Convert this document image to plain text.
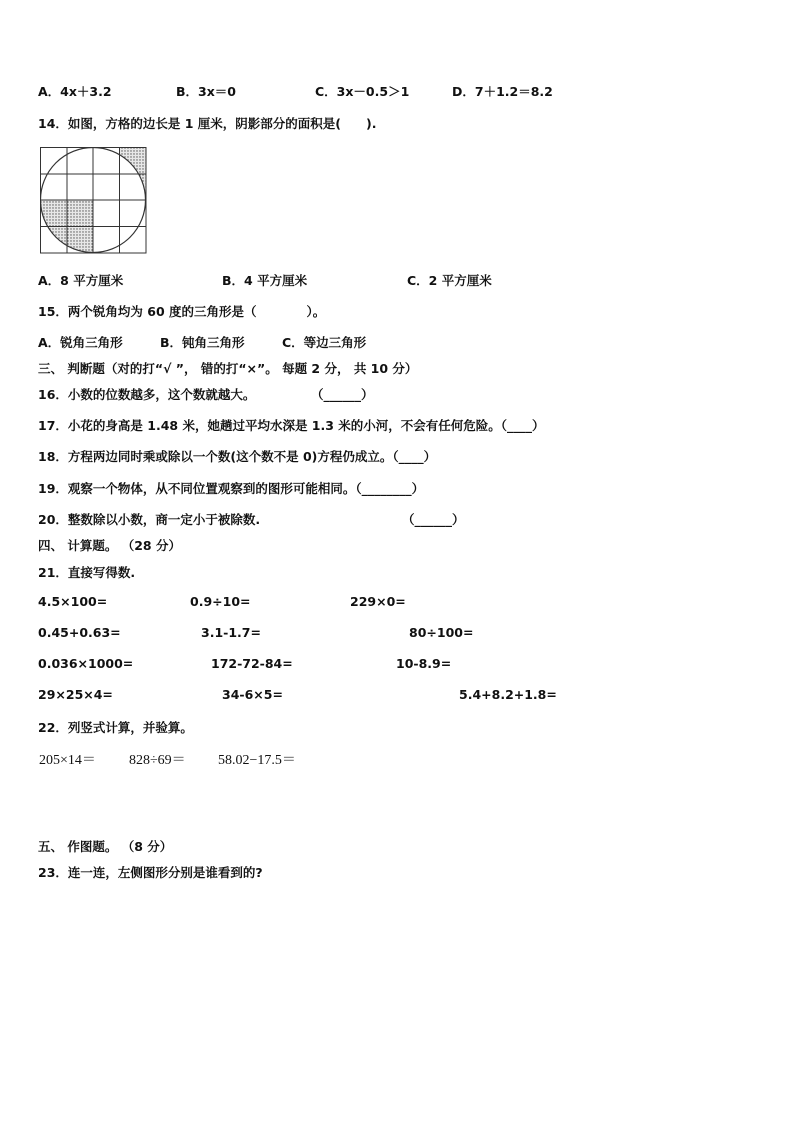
A．4x＋3.2	B．3x＝0	C．3x－0.5＞1	D．7＋1.2＝8.2
14．如图，方格的边长是 1 厘米，阴影部分的面积是(　　).
A．8 平方厘米	B．4 平方厘米	C．2 平方厘米
15．两个锐角均为 60 度的三角形是（　　　　）。
A．锐角三角形	B．钝角三角形	C．等边三角形
三、 判断题（对的打“√ ”， 错的打“×”。 每题 2 分， 共 10 分）
16．小数的位数越多，这个数就越大。	（______）
17．小花的身高是 1.48 米，她趟过平均水深是 1.3 米的小河，不会有任何危险。（____）
18．方程两边同时乘或除以一个数(这个数不是 0)方程仍成立。（____）
19．观察一个物体，从不同位置观察到的图形可能相同。（________）
20．整数除以小数，商一定小于被除数.	（______）
四、 计算题。 （28 分）
21．直接写得数.
4.5×100=	0.9÷10=	229×0=
0.45+0.63=	3.1-1.7=	80÷100=
0.036×1000=	172-72-84=	10-8.9=
29×25×4=	34-6×5=	5.4+8.2+1.8=
22．列竖式计算，并验算。
205×14＝ 828÷69＝ 58.02−17.5＝
五、 作图题。 （8 分）
23．连一连，左侧图形分别是谁看到的?
